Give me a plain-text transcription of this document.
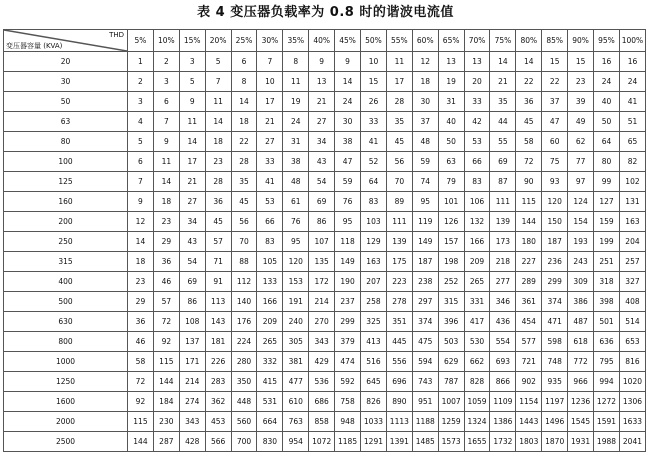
表 4 变压器负载率为 0.8 时的谐波电流值
THD
变压器容量 (KVA)	5%	10%	15%	20%	25%	30%	35%	40%	45%	50%	55%	60%	65%	70%	75%	80%	85%	90%	95%	100%
20	1	2	3	5	6	7	8	9	9	10	11	12	13	13	14	14	15	15	16	16
30	2	3	5	7	8	10	11	13	14	15	17	18	19	20	21	22	22	23	24	24
50	3	6	9	11	14	17	19	21	24	26	28	30	31	33	35	36	37	39	40	41
63	4	7	11	14	18	21	24	27	30	33	35	37	40	42	44	45	47	49	50	51
80	5	9	14	18	22	27	31	34	38	41	45	48	50	53	55	58	60	62	64	65
100	6	11	17	23	28	33	38	43	47	52	56	59	63	66	69	72	75	77	80	82
125	7	14	21	28	35	41	48	54	59	64	70	74	79	83	87	90	93	97	99	102
160	9	18	27	36	45	53	61	69	76	83	89	95	101	106	111	115	120	124	127	131
200	12	23	34	45	56	66	76	86	95	103	111	119	126	132	139	144	150	154	159	163
250	14	29	43	57	70	83	95	107	118	129	139	149	157	166	173	180	187	193	199	204
315	18	36	54	71	88	105	120	135	149	163	175	187	198	209	218	227	236	243	251	257
400	23	46	69	91	112	133	153	172	190	207	223	238	252	265	277	289	299	309	318	327
500	29	57	86	113	140	166	191	214	237	258	278	297	315	331	346	361	374	386	398	408
630	36	72	108	143	176	209	240	270	299	325	351	374	396	417	436	454	471	487	501	514
800	46	92	137	181	224	265	305	343	379	413	445	475	503	530	554	577	598	618	636	653
1000	58	115	171	226	280	332	381	429	474	516	556	594	629	662	693	721	748	772	795	816
1250	72	144	214	283	350	415	477	536	592	645	696	743	787	828	866	902	935	966	994	1020
1600	92	184	274	362	448	531	610	686	758	826	890	951	1007	1059	1109	1154	1197	1236	1272	1306
2000	115	230	343	453	560	664	763	858	948	1033	1113	1188	1259	1324	1386	1443	1496	1545	1591	1633
2500	144	287	428	566	700	830	954	1072	1185	1291	1391	1485	1573	1655	1732	1803	1870	1931	1988	2041
